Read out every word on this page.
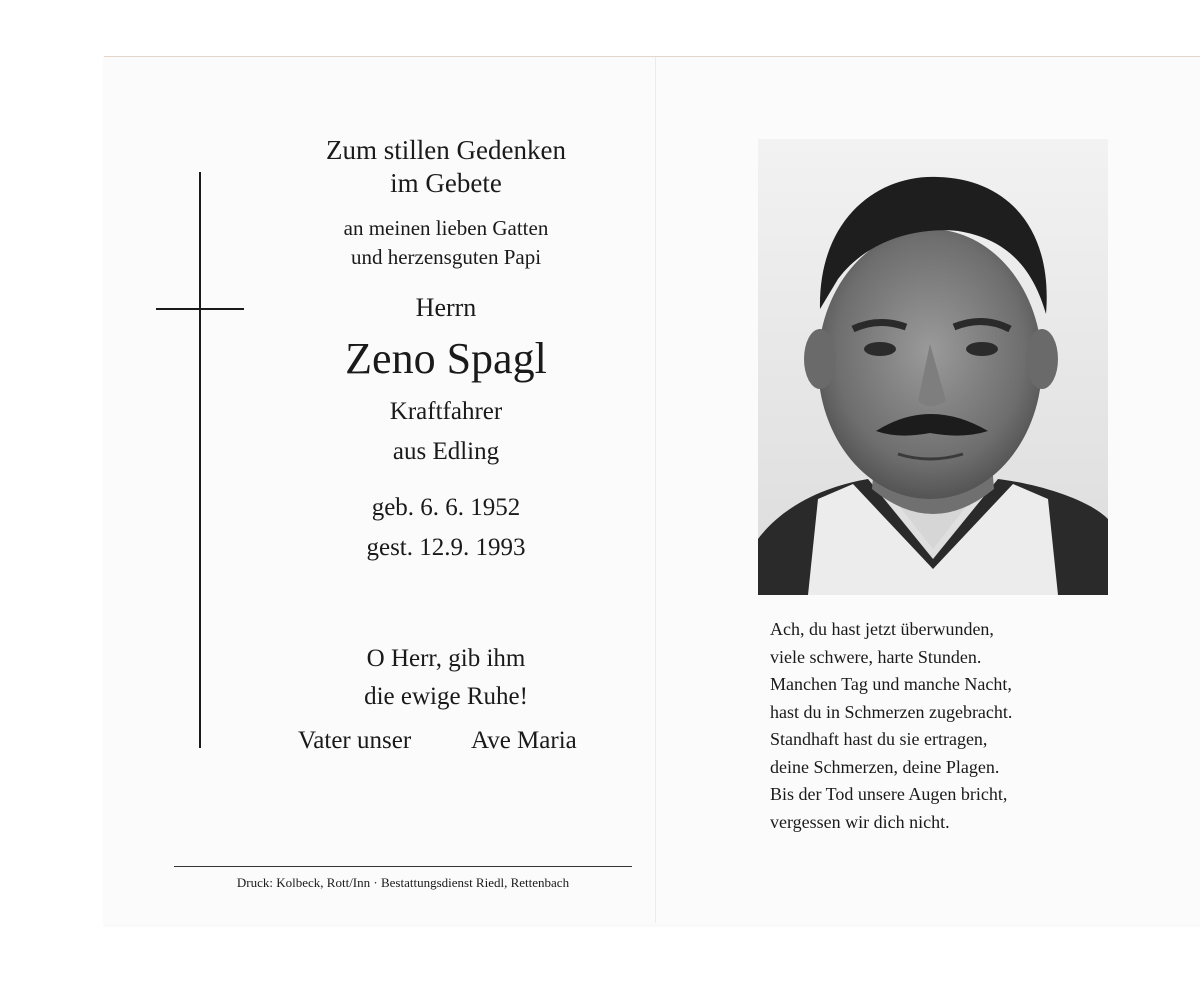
Zum stillen Gedenken
im Gebete
an meinen lieben Gatten
und herzensguten Papi
Herrn
Zeno Spagl
Kraftfahrer
aus Edling
geb. 6. 6. 1952
gest. 12.9. 1993
O Herr, gib ihm
die ewige Ruhe!
Vater unser Ave Maria
Druck: Kolbeck, Rott/Inn · Bestattungsdienst Riedl, Rettenbach
Ach, du hast jetzt überwunden,
viele schwere, harte Stunden.
Manchen Tag und manche Nacht,
hast du in Schmerzen zugebracht.
Standhaft hast du sie ertragen,
deine Schmerzen, deine Plagen.
Bis der Tod unsere Augen bricht,
vergessen wir dich nicht.
